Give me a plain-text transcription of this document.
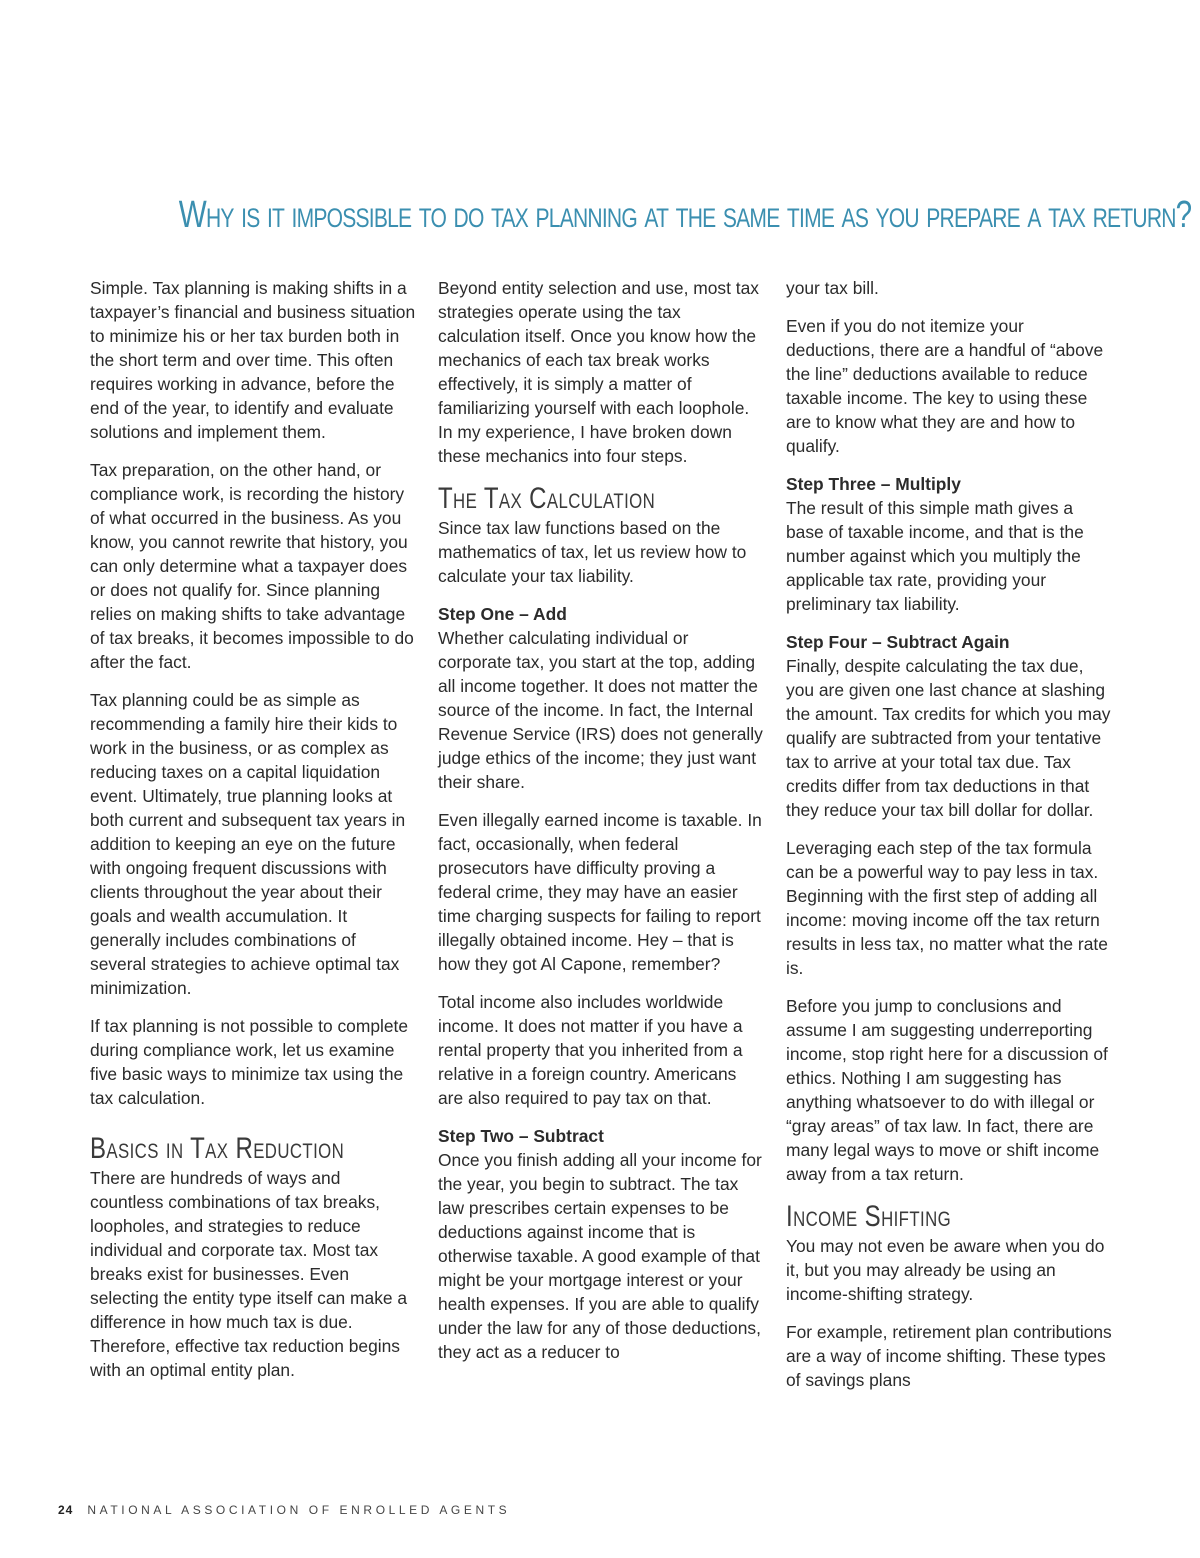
Why is it impossible to do tax planning at the same time as you prepare a tax return?

Simple. Tax planning is making shifts in a taxpayer’s financial and business situation to minimize his or her tax burden both in the short term and over time. This often requires working in advance, before the end of the year, to identify and evaluate solutions and implement them.

Tax preparation, on the other hand, or compliance work, is recording the history of what occurred in the business. As you know, you cannot rewrite that history, you can only determine what a taxpayer does or does not qualify for. Since planning relies on making shifts to take advantage of tax breaks, it becomes impossible to do after the fact.

Tax planning could be as simple as recommending a family hire their kids to work in the business, or as complex as reducing taxes on a capital liquidation event. Ultimately, true planning looks at both current and subsequent tax years in addition to keeping an eye on the future with ongoing frequent discussions with clients throughout the year about their goals and wealth accumulation. It generally includes combinations of several strategies to achieve optimal tax minimization.

If tax planning is not possible to complete during compliance work, let us examine five basic ways to minimize tax using the tax calculation.

Basics in Tax Reduction

There are hundreds of ways and countless combinations of tax breaks, loopholes, and strategies to reduce individual and corporate tax. Most tax breaks exist for businesses. Even selecting the entity type itself can make a difference in how much tax is due. Therefore, effective tax reduction begins with an optimal entity plan.

Beyond entity selection and use, most tax strategies operate using the tax calculation itself. Once you know how the mechanics of each tax break works effectively, it is simply a matter of familiarizing yourself with each loophole. In my experience, I have broken down these mechanics into four steps.

The Tax Calculation

Since tax law functions based on the mathematics of tax, let us review how to calculate your tax liability.

Step One – Add

Whether calculating individual or corporate tax, you start at the top, adding all income together. It does not matter the source of the income. In fact, the Internal Revenue Service (IRS) does not generally judge ethics of the income; they just want their share.

Even illegally earned income is taxable. In fact, occasionally, when federal prosecutors have difficulty proving a federal crime, they may have an easier time charging suspects for failing to report illegally obtained income. Hey – that is how they got Al Capone, remember?

Total income also includes worldwide income. It does not matter if you have a rental property that you inherited from a relative in a foreign country. Americans are also required to pay tax on that.

Step Two – Subtract

Once you finish adding all your income for the year, you begin to subtract. The tax law prescribes certain expenses to be deductions against income that is otherwise taxable. A good example of that might be your mortgage interest or your health expenses. If you are able to qualify under the law for any of those deductions, they act as a reducer to

your tax bill.

Even if you do not itemize your deductions, there are a handful of “above the line” deductions available to reduce taxable income. The key to using these are to know what they are and how to qualify.

Step Three – Multiply

The result of this simple math gives a base of taxable income, and that is the number against which you multiply the applicable tax rate, providing your preliminary tax liability.

Step Four – Subtract Again

Finally, despite calculating the tax due, you are given one last chance at slashing the amount. Tax credits for which you may qualify are subtracted from your tentative tax to arrive at your total tax due. Tax credits differ from tax deductions in that they reduce your tax bill dollar for dollar.

Leveraging each step of the tax formula can be a powerful way to pay less in tax. Beginning with the first step of adding all income: moving income off the tax return results in less tax, no matter what the rate is.

Before you jump to conclusions and assume I am suggesting underreporting income, stop right here for a discussion of ethics. Nothing I am suggesting has anything whatsoever to do with illegal or “gray areas” of tax law. In fact, there are many legal ways to move or shift income away from a tax return.

Income Shifting

You may not even be aware when you do it, but you may already be using an income-shifting strategy.

For example, retirement plan contributions are a way of income shifting. These types of savings plans

24 NATIONAL ASSOCIATION OF ENROLLED AGENTS
